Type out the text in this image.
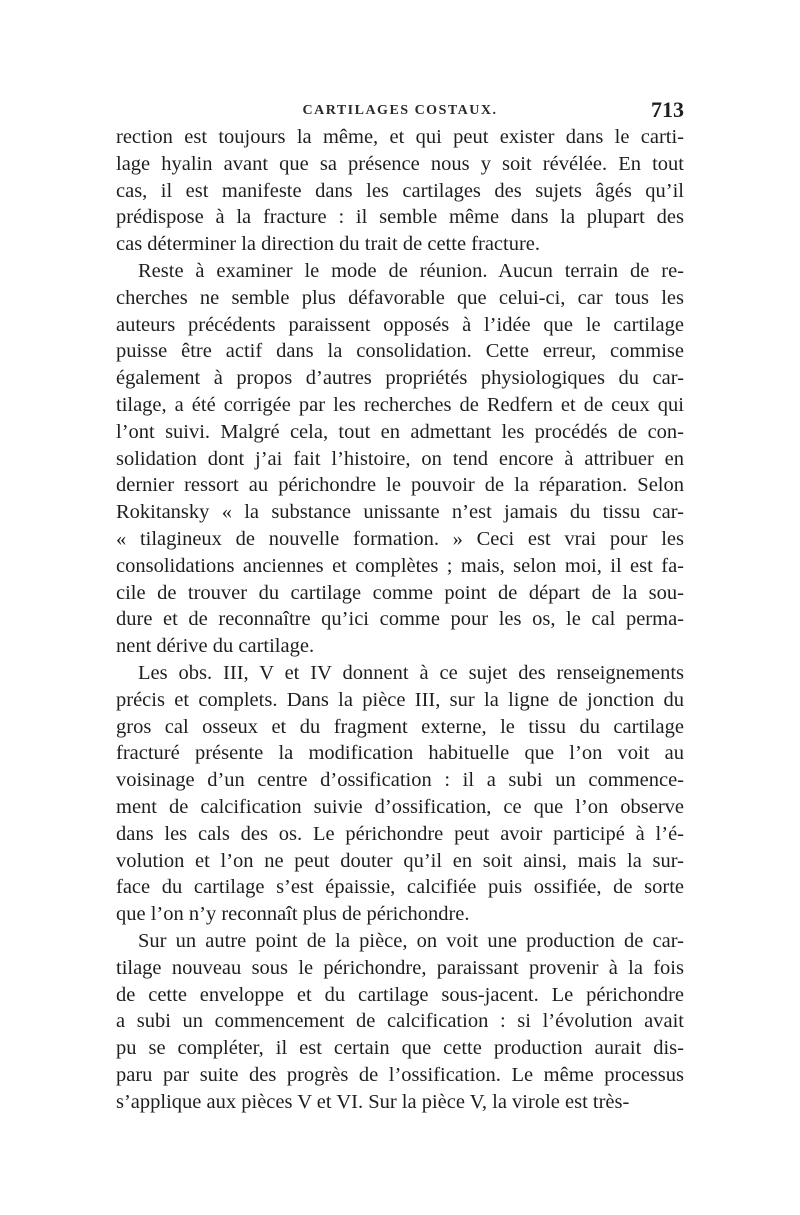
CARTILAGES COSTAUX.	713
rection est toujours la même, et qui peut exister dans le carti-
lage hyalin avant que sa présence nous y soit révélée. En tout
cas, il est manifeste dans les cartilages des sujets âgés qu’il
prédispose à la fracture : il semble même dans la plupart des
cas déterminer la direction du trait de cette fracture.
Reste à examiner le mode de réunion. Aucun terrain de re-
cherches ne semble plus défavorable que celui-ci, car tous les
auteurs précédents paraissent opposés à l’idée que le cartilage
puisse être actif dans la consolidation. Cette erreur, commise
également à propos d’autres propriétés physiologiques du car-
tilage, a été corrigée par les recherches de Redfern et de ceux qui
l’ont suivi. Malgré cela, tout en admettant les procédés de con-
solidation dont j’ai fait l’histoire, on tend encore à attribuer en
dernier ressort au périchondre le pouvoir de la réparation. Selon
Rokitansky « la substance unissante n’est jamais du tissu car-
« tilagineux de nouvelle formation. » Ceci est vrai pour les
consolidations anciennes et complètes ; mais, selon moi, il est fa-
cile de trouver du cartilage comme point de départ de la sou-
dure et de reconnaître qu’ici comme pour les os, le cal perma-
nent dérive du cartilage.
Les obs. III, V et IV donnent à ce sujet des renseignements
précis et complets. Dans la pièce III, sur la ligne de jonction du
gros cal osseux et du fragment externe, le tissu du cartilage
fracturé présente la modification habituelle que l’on voit au
voisinage d’un centre d’ossification : il a subi un commence-
ment de calcification suivie d’ossification, ce que l’on observe
dans les cals des os. Le périchondre peut avoir participé à l’é-
volution et l’on ne peut douter qu’il en soit ainsi, mais la sur-
face du cartilage s’est épaissie, calcifiée puis ossifiée, de sorte
que l’on n’y reconnaît plus de périchondre.
Sur un autre point de la pièce, on voit une production de car-
tilage nouveau sous le périchondre, paraissant provenir à la fois
de cette enveloppe et du cartilage sous-jacent. Le périchondre
a subi un commencement de calcification : si l’évolution avait
pu se compléter, il est certain que cette production aurait dis-
paru par suite des progrès de l’ossification. Le même processus
s’applique aux pièces V et VI. Sur la pièce V, la virole est très-
